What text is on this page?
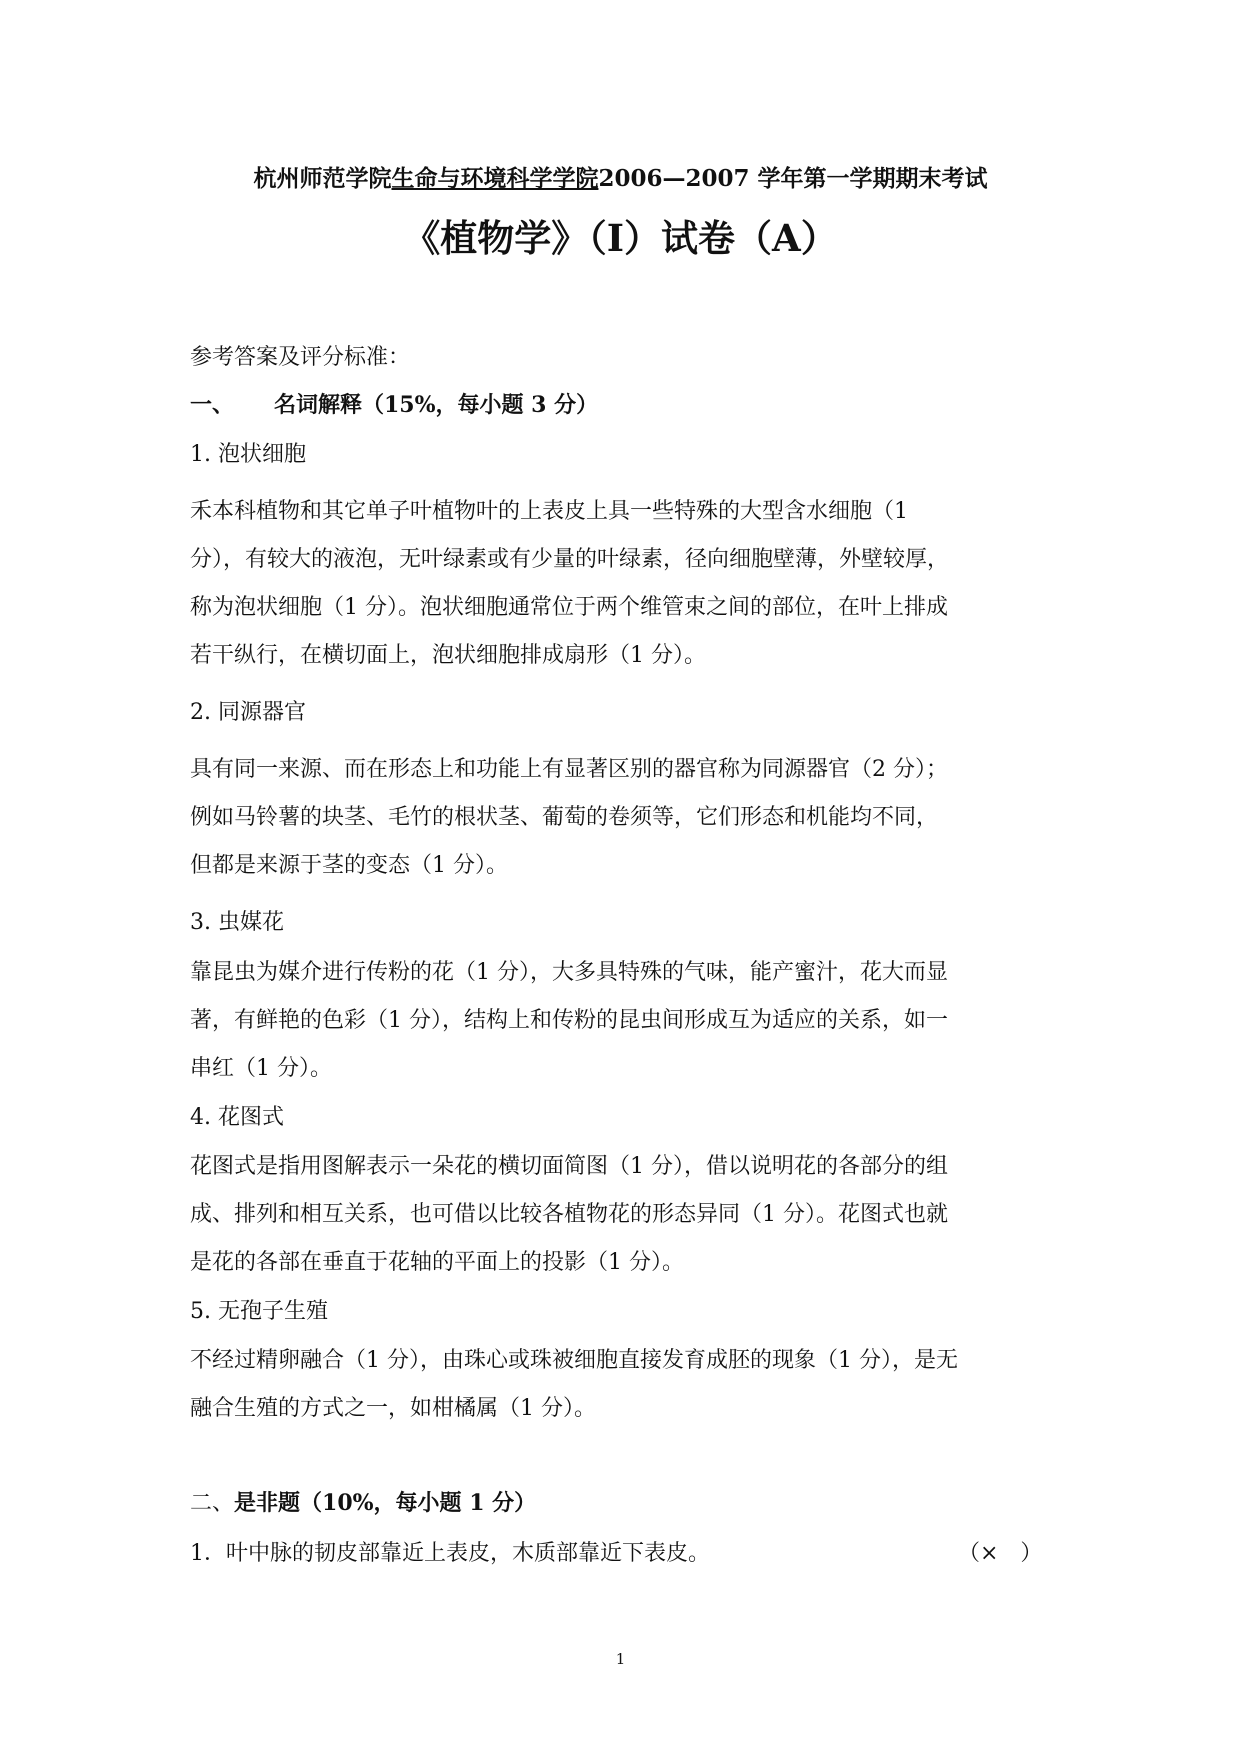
杭州师范学院生命与环境科学学院2006—2007 学年第一学期期末考试
《植物学》（Ⅰ）试卷（A）
参考答案及评分标准：
一、 名词解释（15%，每小题 3 分）
1. 泡状细胞
禾本科植物和其它单子叶植物叶的上表皮上具一些特殊的大型含水细胞（1
分），有较大的液泡，无叶绿素或有少量的叶绿素，径向细胞壁薄，外壁较厚，
称为泡状细胞（1 分）。泡状细胞通常位于两个维管束之间的部位，在叶上排成
若干纵行，在横切面上，泡状细胞排成扇形（1 分）。
2. 同源器官
具有同一来源、而在形态上和功能上有显著区别的器官称为同源器官（2 分）；
例如马铃薯的块茎、毛竹的根状茎、葡萄的卷须等，它们形态和机能均不同，
但都是来源于茎的变态（1 分）。
3. 虫媒花
靠昆虫为媒介进行传粉的花（1 分），大多具特殊的气味，能产蜜汁，花大而显
著，有鲜艳的色彩（1 分），结构上和传粉的昆虫间形成互为适应的关系，如一
串红（1 分）。
4. 花图式
花图式是指用图解表示一朵花的横切面简图（1 分），借以说明花的各部分的组
成、排列和相互关系，也可借以比较各植物花的形态异同（1 分）。花图式也就
是花的各部在垂直于花轴的平面上的投影（1 分）。
5. 无孢子生殖
不经过精卵融合（1 分），由珠心或珠被细胞直接发育成胚的现象（1 分），是无
融合生殖的方式之一，如柑橘属（1 分）。
二、是非题（10%，每小题 1 分）
1．叶中脉的韧皮部靠近上表皮，木质部靠近下表皮。	（×　）
1
